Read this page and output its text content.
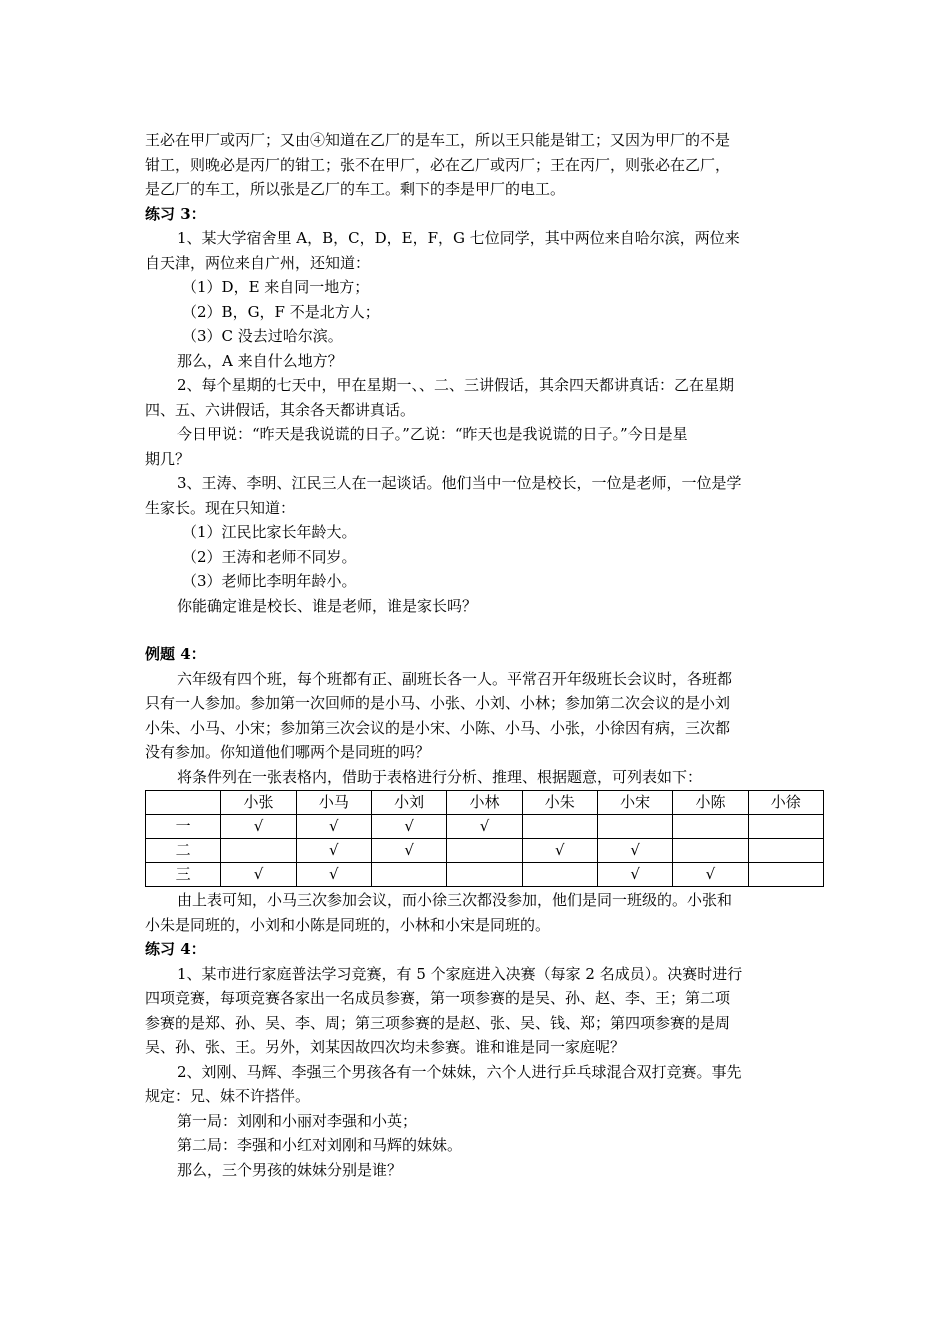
王必在甲厂或丙厂；又由④知道在乙厂的是车工，所以王只能是钳工；又因为甲厂的不是
钳工，则晚必是丙厂的钳工；张不在甲厂，必在乙厂或丙厂；王在丙厂，则张必在乙厂，
是乙厂的车工，所以张是乙厂的车工。剩下的李是甲厂的电工。
练习 3：
1、某大学宿舍里 A，B，C，D，E，F，G 七位同学，其中两位来自哈尔滨，两位来
自天津，两位来自广州，还知道：
（1）D，E 来自同一地方；
（2）B，G，F 不是北方人；
（3）C 没去过哈尔滨。
那么，A 来自什么地方？
2、每个星期的七天中，甲在星期一、、二、三讲假话，其余四天都讲真话：乙在星期
四、五、六讲假话，其余各天都讲真话。
今日甲说：“昨天是我说谎的日子。”乙说：“昨天也是我说谎的日子。”今日是星
期几？
3、王涛、李明、江民三人在一起谈话。他们当中一位是校长，一位是老师，一位是学
生家长。现在只知道：
（1）江民比家长年龄大。
（2）王涛和老师不同岁。
（3）老师比李明年龄小。
你能确定谁是校长、谁是老师，谁是家长吗？
例题 4：
六年级有四个班，每个班都有正、副班长各一人。平常召开年级班长会议时，各班都
只有一人参加。参加第一次回师的是小马、小张、小刘、小林；参加第二次会议的是小刘
小朱、小马、小宋；参加第三次会议的是小宋、小陈、小马、小张，小徐因有病，三次都
没有参加。你知道他们哪两个是同班的吗？
将条件列在一张表格内，借助于表格进行分析、推理、根据题意，可列表如下：
	小张	小马	小刘	小林	小朱	小宋	小陈	小徐
一	√	√	√	√				
二		√	√		√	√		
三	√	√				√	√	
由上表可知，小马三次参加会议，而小徐三次都没参加，他们是同一班级的。小张和
小朱是同班的，小刘和小陈是同班的，小林和小宋是同班的。
练习 4：
1、某市进行家庭普法学习竞赛，有 5 个家庭进入决赛（每家 2 名成员）。决赛时进行
四项竞赛，每项竞赛各家出一名成员参赛，第一项参赛的是吴、孙、赵、李、王；第二项
参赛的是郑、孙、吴、李、周；第三项参赛的是赵、张、吴、钱、郑；第四项参赛的是周
吴、孙、张、王。另外，刘某因故四次均未参赛。谁和谁是同一家庭呢？
2、刘刚、马辉、李强三个男孩各有一个妹妹，六个人进行乒乓球混合双打竞赛。事先
规定：兄、妹不许搭伴。
第一局：刘刚和小丽对李强和小英；
第二局：李强和小红对刘刚和马辉的妹妹。
那么，三个男孩的妹妹分别是谁？
